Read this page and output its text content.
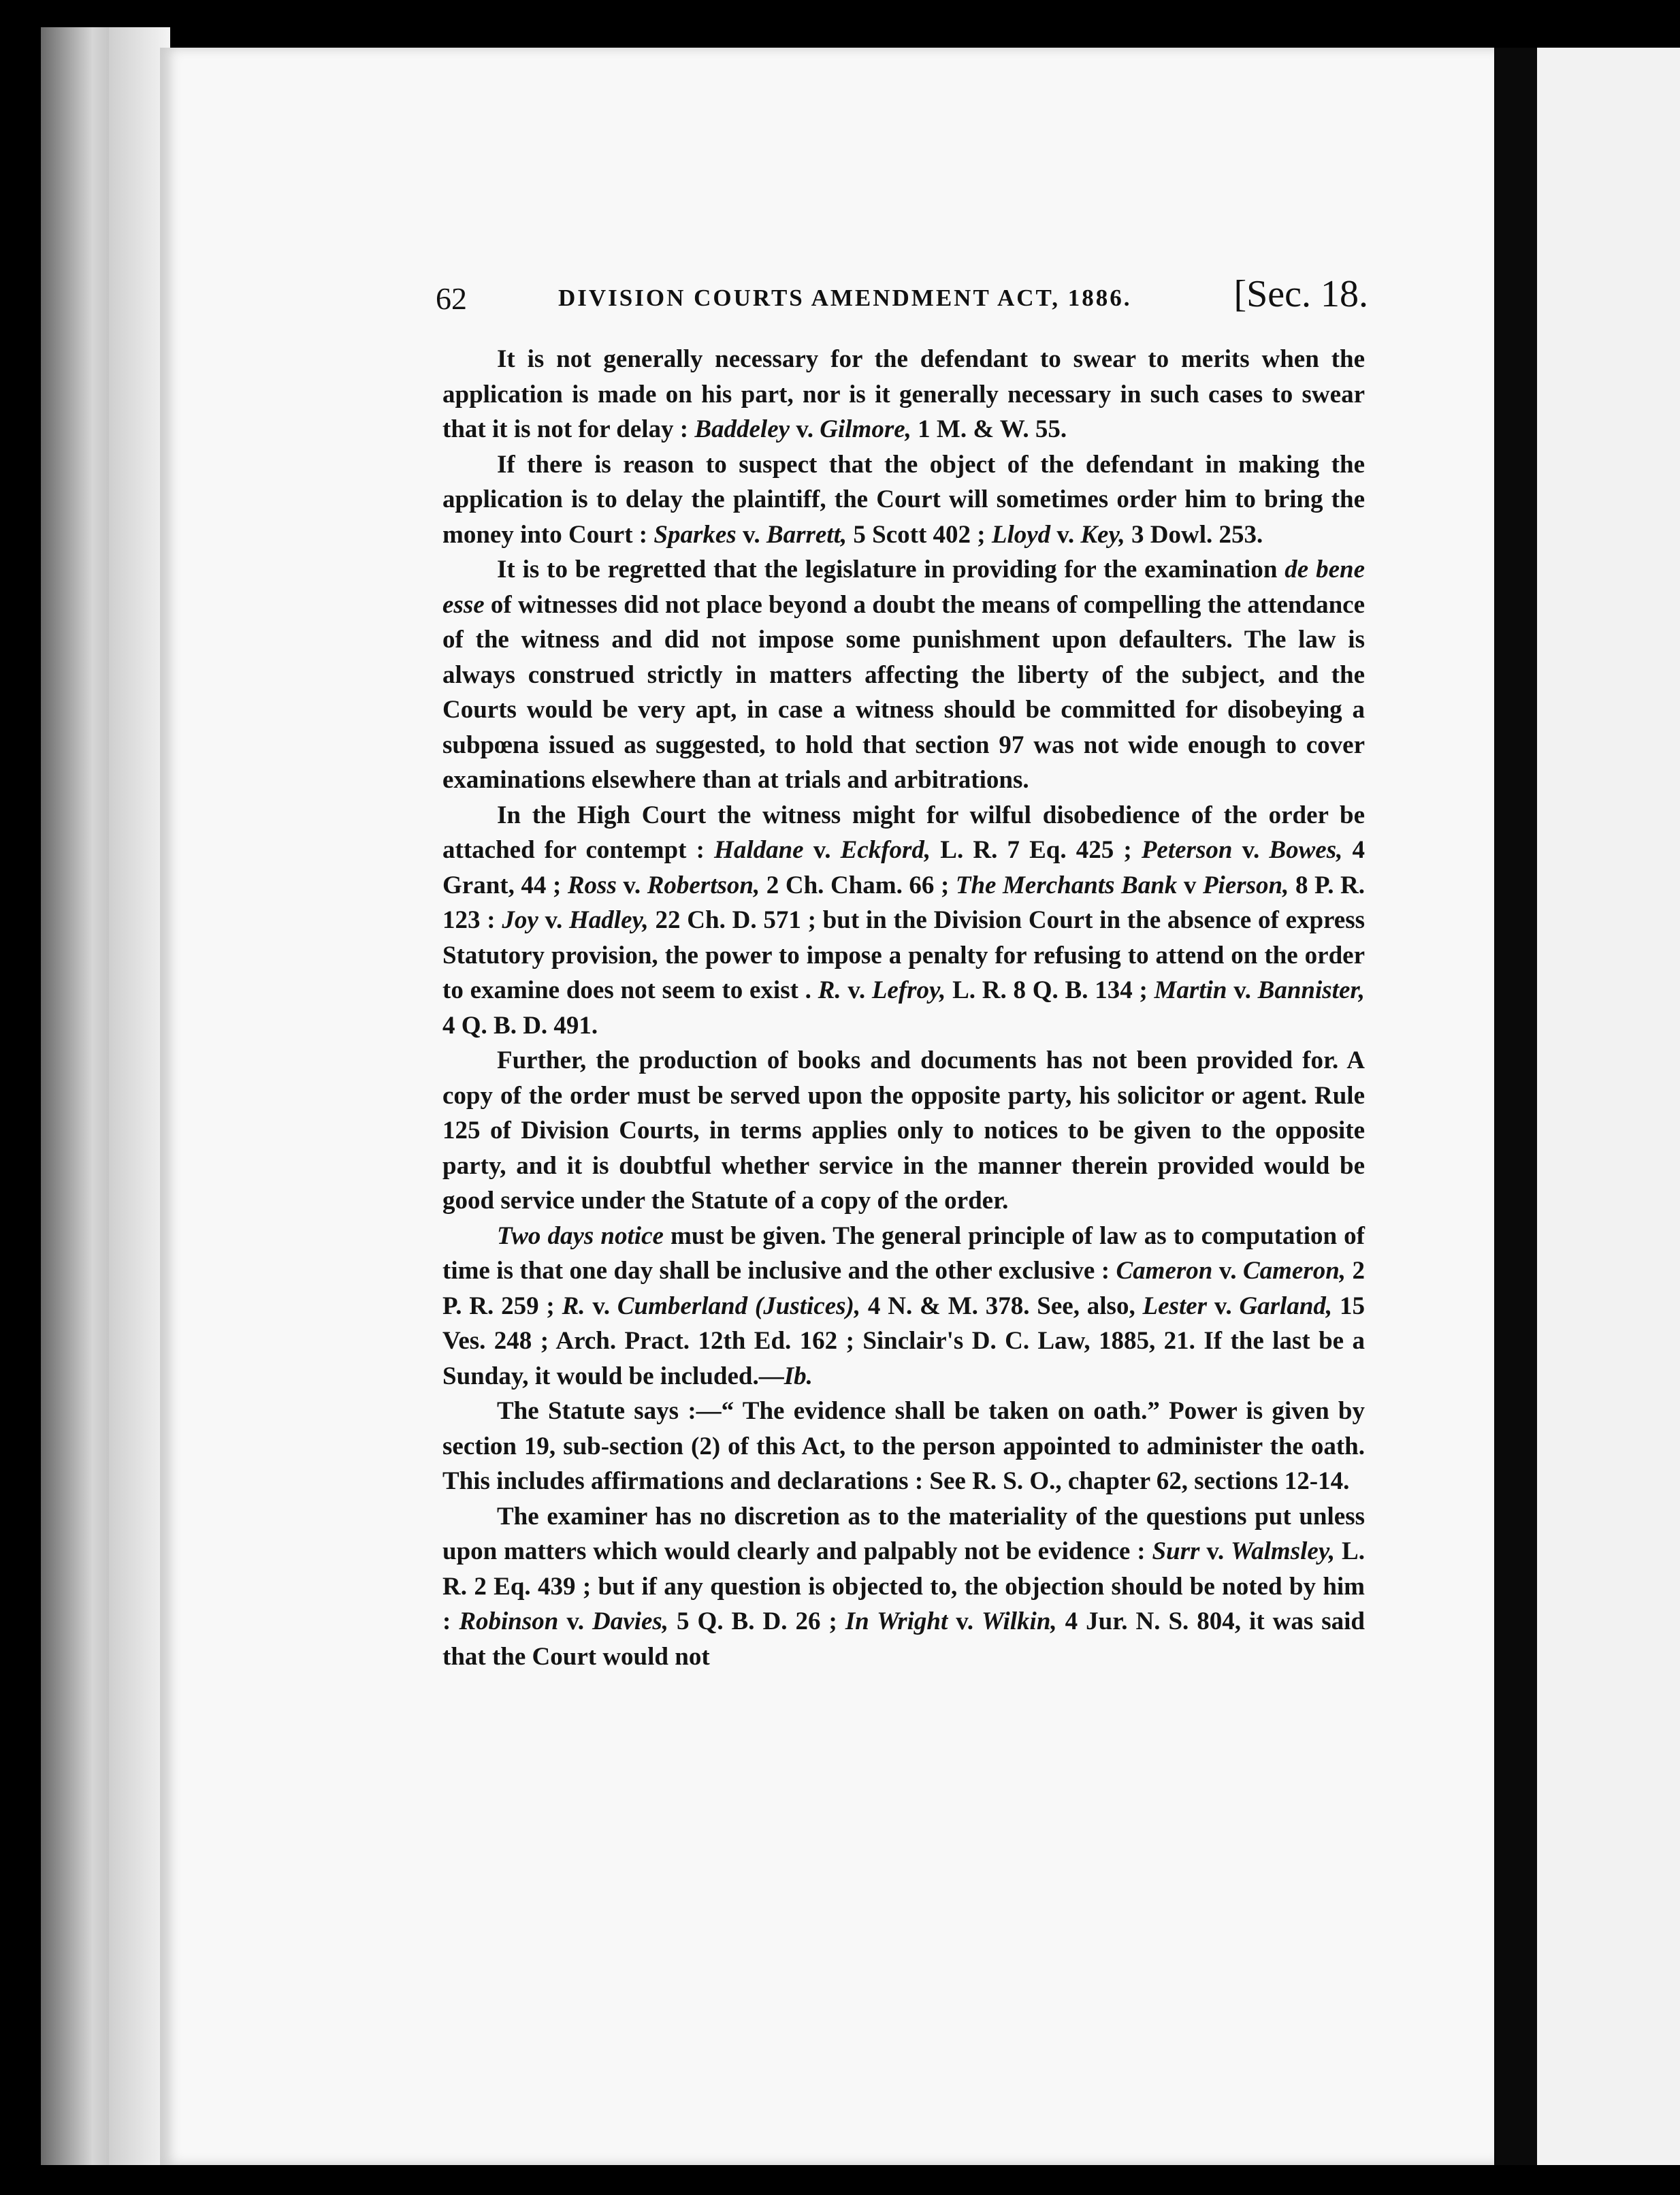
62	DIVISION COURTS AMENDMENT ACT, 1886.	[Sec. 18.

It is not generally necessary for the defendant to swear to merits when the application is made on his part, nor is it generally necessary in such cases to swear that it is not for delay : Baddeley v. Gilmore, 1 M. & W. 55.

If there is reason to suspect that the object of the defendant in making the application is to delay the plaintiff, the Court will sometimes order him to bring the money into Court : Sparkes v. Barrett, 5 Scott 402 ; Lloyd v. Key, 3 Dowl. 253.

It is to be regretted that the legislature in providing for the examination de bene esse of witnesses did not place beyond a doubt the means of compelling the attendance of the witness and did not impose some punishment upon defaulters. The law is always construed strictly in matters affecting the liberty of the subject, and the Courts would be very apt, in case a witness should be committed for disobeying a subpœna issued as suggested, to hold that section 97 was not wide enough to cover examinations elsewhere than at trials and arbitrations.

In the High Court the witness might for wilful disobedience of the order be attached for contempt : Haldane v. Eckford, L. R. 7 Eq. 425 ; Peterson v. Bowes, 4 Grant, 44 ; Ross v. Robertson, 2 Ch. Cham. 66 ; The Merchants Bank v Pierson, 8 P. R. 123 : Joy v. Hadley, 22 Ch. D. 571 ; but in the Division Court in the absence of express Statutory provision, the power to impose a penalty for refusing to attend on the order to examine does not seem to exist . R. v. Lefroy, L. R. 8 Q. B. 134 ; Martin v. Bannister, 4 Q. B. D. 491.

Further, the production of books and documents has not been provided for. A copy of the order must be served upon the opposite party, his solicitor or agent. Rule 125 of Division Courts, in terms applies only to notices to be given to the opposite party, and it is doubtful whether service in the manner therein provided would be good service under the Statute of a copy of the order.

Two days notice must be given. The general principle of law as to computation of time is that one day shall be inclusive and the other exclusive : Cameron v. Cameron, 2 P. R. 259 ; R. v. Cumberland (Justices), 4 N. & M. 378. See, also, Lester v. Garland, 15 Ves. 248 ; Arch. Pract. 12th Ed. 162 ; Sinclair's D. C. Law, 1885, 21. If the last be a Sunday, it would be included.—Ib.

The Statute says :—“ The evidence shall be taken on oath.” Power is given by section 19, sub-section (2) of this Act, to the person appointed to administer the oath. This includes affirmations and declarations : See R. S. O., chapter 62, sections 12-14.

The examiner has no discretion as to the materiality of the questions put unless upon matters which would clearly and palpably not be evidence : Surr v. Walmsley, L. R. 2 Eq. 439 ; but if any question is objected to, the objection should be noted by him : Robinson v. Davies, 5 Q. B. D. 26 ; In Wright v. Wilkin, 4 Jur. N. S. 804, it was said that the Court would not
